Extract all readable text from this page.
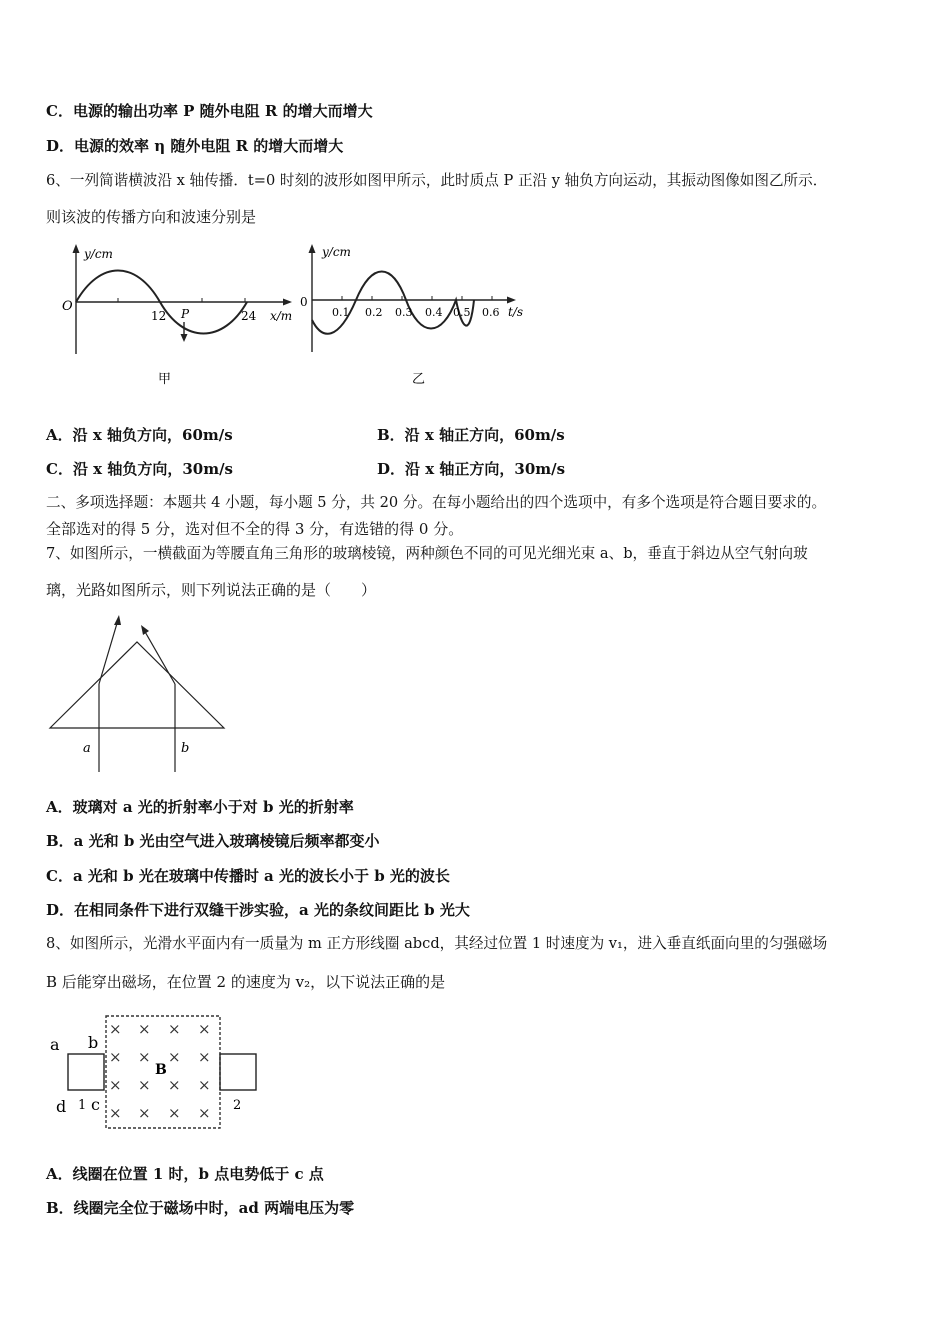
C．电源的输出功率 P 随外电阻 R 的增大而增大
D．电源的效率 η 随外电阻 R 的增大而增大
6、一列简谐横波沿 x 轴传播．t=0 时刻的波形如图甲所示，此时质点 P 正沿 y 轴负方向运动，其振动图像如图乙所示．
则该波的传播方向和波速分别是
y/cm
O
12	24
P	x/m
甲
y/cm
0
0.1 0.2 0.3 0.4 0.5 0.6 t/s
乙
A．沿 x 轴负方向，60m/s	B．沿 x 轴正方向，60m/s
C．沿 x 轴负方向，30m/s	D．沿 x 轴正方向，30m/s
二、多项选择题：本题共 4 小题，每小题 5 分，共 20 分。在每小题给出的四个选项中，有多个选项是符合题目要求的。
全部选对的得 5 分，选对但不全的得 3 分，有选错的得 0 分。
7、如图所示，一横截面为等腰直角三角形的玻璃棱镜，两种颜色不同的可见光细光束 a、b，垂直于斜边从空气射向玻
璃，光路如图所示，则下列说法正确的是（　　）
a	b
A．玻璃对 a 光的折射率小于对 b 光的折射率
B．a 光和 b 光由空气进入玻璃棱镜后频率都变小
C．a 光和 b 光在玻璃中传播时 a 光的波长小于 b 光的波长
D．在相同条件下进行双缝干涉实验，a 光的条纹间距比 b 光大
8、如图所示，光滑水平面内有一质量为 m 正方形线圈 abcd，其经过位置 1 时速度为 v₁，进入垂直纸面向里的匀强磁场
B 后能穿出磁场，在位置 2 的速度为 v₂，以下说法正确的是
× × × ×
× × × ×
× × × ×
× × × ×
B
a b
d 1 c	2
A．线圈在位置 1 时，b 点电势低于 c 点
B．线圈完全位于磁场中时，ad 两端电压为零
